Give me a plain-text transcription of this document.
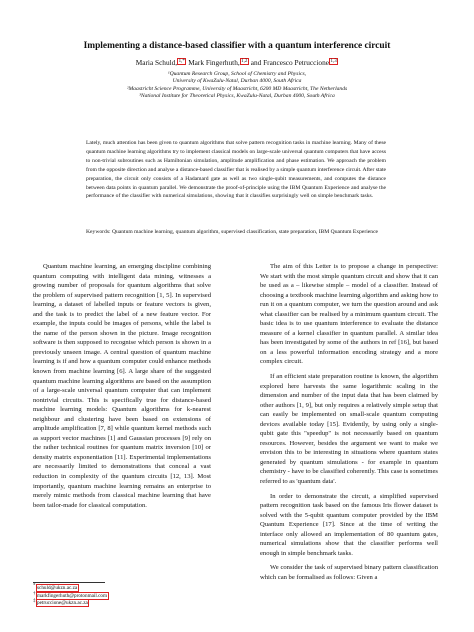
Implementing a distance-based classifier with a quantum interference circuit
Maria Schuld, $^{1,*}$ Mark Fingerhuth, $^{1,2}$ and Francesco Petruccione $^{1,3}$

¹Quantum Research Group, School of Chemistry and Physics,

University of KwaZulu-Natal, Durban 4000, South Africa

²Maastricht Science Programme, University of Maastricht, 6200 MD Maastricht, The Netherlands

³National Institute for Theoretical Physics, KwaZulu-Natal, Durban 4000, South Africa

Lately, much attention has been given to quantum algorithms that solve pattern recognition tasks in machine learning. Many of these quantum machine learning algorithms try to implement classical models on large-scale universal quantum computers that have access to non-trivial subroutines such as Hamiltonian simulation, amplitude amplification and phase estimation. We approach the problem from the opposite direction and analyse a distance-based classifier that is realised by a simple quantum interference circuit. After state preparation, the circuit only consists of a Hadamard gate as well as two single-qubit measurements, and computes the distance between data points in quantum parallel. We demonstrate the proof-of-principle using the IBM Quantum Experience and analyse the performance of the classifier with numerical simulations, showing that it classifies surprisingly well on simple benchmark tasks.

Keywords: Quantum machine learning, quantum algorithm, supervised classification, state preparation, IBM Quantum Experience

Quantum machine learning, an emerging discipline combining quantum computing with intelligent data mining, witnesses a growing number of proposals for quantum algorithms that solve the problem of supervised pattern recognition [1, 5]. In supervised learning, a dataset of labelled inputs or feature vectors is given, and the task is to predict the label of a new feature vector. For example, the inputs could be images of persons, while the label is the name of the person shown in the picture. Image recognition software is then supposed to recognise which person is shown in a previously unseen image. A central question of quantum machine learning is if and how a quantum computer could enhance methods known from machine learning [6]. A large share of the suggested quantum machine learning algorithms are based on the assumption of a large-scale universal quantum computer that can implement nontrivial circuits. This is specifically true for distance-based machine learning models: Quantum algorithms for k-nearest neighbour and clustering have been based on extensions of amplitude amplification [7, 8] while quantum kernel methods such as support vector machines [1] and Gaussian processes [9] rely on the rather technical routines for quantum matrix inversion [10] or density matrix exponentiation [11]. Experimental implementations are necessarily limited to demonstrations that conceal a vast reduction in complexity of the quantum circuits [12, 13]. Most importantly, quantum machine learning remains an enterprise to merely mimic methods from classical machine learning that have been tailor-made for classical computation.

The aim of this Letter is to propose a change in perspective: We start with the most simple quantum circuit and show that it can be used as a – likewise simple – model of a classifier. Instead of choosing a textbook machine learning algorithm and asking how to run it on a quantum computer, we turn the question around and ask what classifier can be realised by a minimum quantum circuit. The basic idea is to use quantum interference to evaluate the distance measure of a kernel classifier in quantum parallel. A similar idea has been investigated by some of the authors in ref [16], but based on a less powerful information encoding strategy and a more complex circuit.

If an efficient state preparation routine is known, the algorithm explored here harvests the same logarithmic scaling in the dimension and number of the input data that has been claimed by other authors [1, 9], but only requires a relatively simple setup that can easily be implemented on small-scale quantum computing devices available today [15]. Evidently, by using only a single-qubit gate this "speedup" is not necessarily based on quantum resources. However, besides the argument we want to make we envision this to be interesting in situations where quantum states generated by quantum simulations - for example in quantum chemistry - have to be classified coherently. This case is sometimes referred to as 'quantum data'.

In order to demonstrate the circuit, a simplified supervised pattern recognition task based on the famous Iris flower dataset is solved with the 5-qubit quantum computer provided by the IBM Quantum Experience [17]. Since at the time of writing the interface only allowed an implementation of 80 quantum gates, numerical simulations show that the classifier performs well enough in simple benchmark tasks.

We consider the task of supervised binary pattern classification which can be formalised as follows: Given a

* schuld@ukzn.ac.za

† markfingerhuth@protonmail.com

‡ petruccione@ukzn.ac.za
